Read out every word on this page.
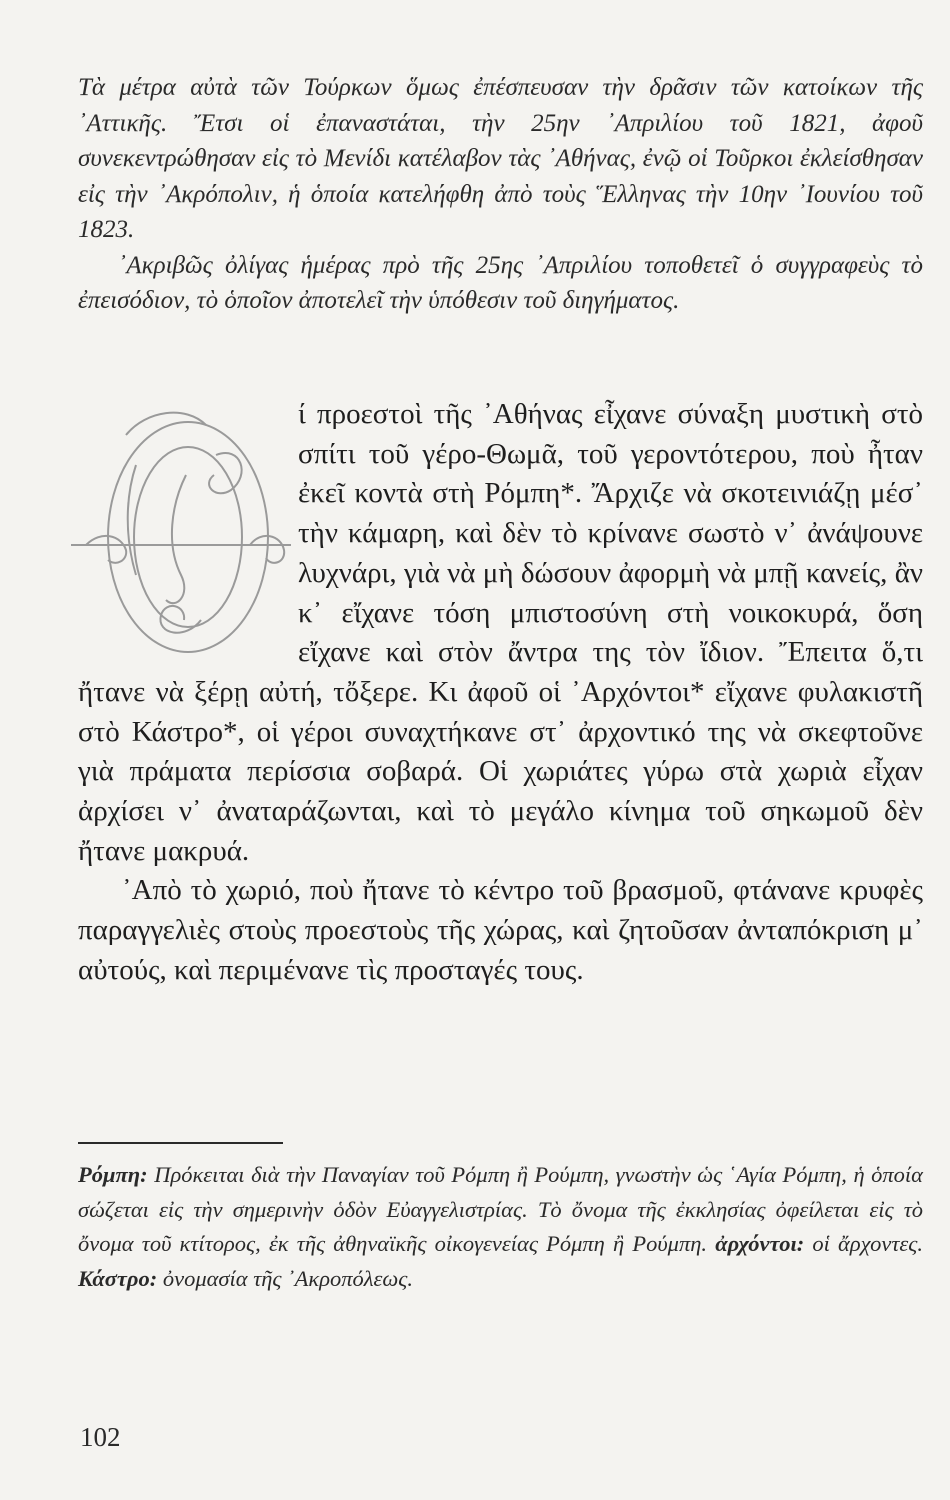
Τὰ μέτρα αὐτὰ τῶν Τούρκων ὅμως ἐπέσπευσαν τὴν δρᾶσιν τῶν κατοίκων τῆς ᾿Αττικῆς. Ἔτσι οἱ ἐπαναστάται, τὴν 25ην ᾿Απριλίου τοῦ 1821, ἀφοῦ συνεκεντρώθησαν εἰς τὸ Μενίδι κατέλαβον τὰς ᾿Αθήνας, ἐνῷ οἱ Τοῦρκοι ἐκλείσθησαν εἰς τὴν ᾿Ακρόπολιν, ἡ ὁποία κατελήφθη ἀπὸ τοὺς Ἕλληνας τὴν 10ην ᾿Ιουνίου τοῦ 1823.

᾿Ακριβῶς ὀλίγας ἡμέρας πρὸ τῆς 25ης ᾿Απριλίου τοποθετεῖ ὁ συγγραφεὺς τὸ ἐπεισόδιον, τὸ ὁποῖον ἀποτελεῖ τὴν ὑπόθεσιν τοῦ διηγήματος.

ί προεστοὶ τῆς ᾿Αθήνας εἶχανε σύναξη μυστικὴ στὸ σπίτι τοῦ γέρο-Θωμᾶ, τοῦ γεροντότερου, ποὺ ἦταν ἐκεῖ κοντὰ στὴ Ρόμπη*. Ἄρχιζε νὰ σκοτεινιάζῃ μέσ᾿ τὴν κάμαρη, καὶ δὲν τὸ κρίνανε σωστὸ ν᾿ ἀνάψουνε λυχνάρι, γιὰ νὰ μὴ δώσουν ἀφορμὴ νὰ μπῇ κανείς, ἂν κ᾿ εἴχανε τόση μπιστοσύνη στὴ νοικοκυρά, ὅση εἴχανε καὶ στὸν ἄντρα της τὸν ἴδιον. Ἔπειτα ὅ,τι ἤτανε νὰ ξέρῃ αὐτή, τὄξερε. Κι ἀφοῦ οἱ ᾿Αρχόντοι* εἴχανε φυλακιστῆ στὸ Κάστρο*, οἱ γέροι συναχτήκανε στ᾿ ἀρχοντικό της νὰ σκεφτοῦνε γιὰ πράματα περίσσια σοβαρά. Οἱ χωριάτες γύρω στὰ χωριὰ εἶχαν ἀρχίσει ν᾿ ἀναταράζωνται, καὶ τὸ μεγάλο κίνημα τοῦ σηκωμοῦ δὲν ἤτανε μακρυά.

᾿Απὸ τὸ χωριό, ποὺ ἤτανε τὸ κέντρο τοῦ βρασμοῦ, φτάνανε κρυφὲς παραγγελιὲς στοὺς προεστοὺς τῆς χώρας, καὶ ζητοῦσαν ἀνταπόκριση μ᾿ αὐτούς, καὶ περιμένανε τὶς προσταγές τους.

Ρόμπη: Πρόκειται διὰ τὴν Παναγίαν τοῦ Ρόμπη ἢ Ρούμπη, γνωστὴν ὡς ῾Αγία Ρόμπη, ἡ ὁποία σώζεται εἰς τὴν σημερινὴν ὁδὸν Εὐαγγελιστρίας. Τὸ ὄνομα τῆς ἐκκλησίας ὀφείλεται εἰς τὸ ὄνομα τοῦ κτίτορος, ἐκ τῆς ἀθηναϊκῆς οἰκογενείας Ρόμπη ἢ Ρούμπη. ἀρχόντοι: οἱ ἄρχοντες. Κάστρο: ὀνομασία τῆς ᾿Ακροπόλεως.

102
